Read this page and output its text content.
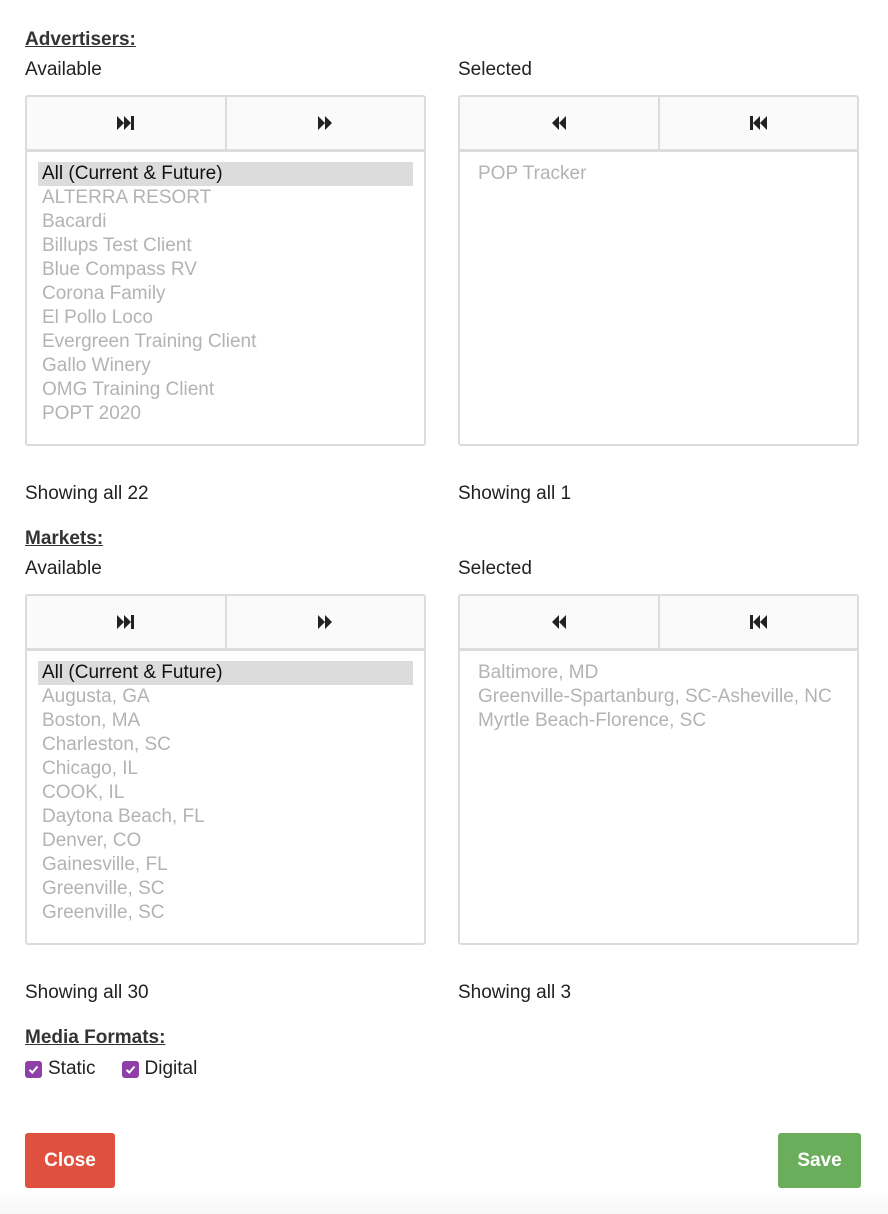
Advertisers:
Available	Selected
All (Current & Future)
ALTERRA RESORT
Bacardi
Billups Test Client
Blue Compass RV
Corona Family
El Pollo Loco
Evergreen Training Client
Gallo Winery
OMG Training Client
POPT 2020
POP Tracker
Showing all 22	Showing all 1
Markets:
Available	Selected
All (Current & Future)
Augusta, GA
Boston, MA
Charleston, SC
Chicago, IL
COOK, IL
Daytona Beach, FL
Denver, CO
Gainesville, FL
Greenville, SC
Greenville, SC
Baltimore, MD
Greenville-Spartanburg, SC-Asheville, NC
Myrtle Beach-Florence, SC
Showing all 30	Showing all 3
Media Formats:
Static	Digital
Close	Save
